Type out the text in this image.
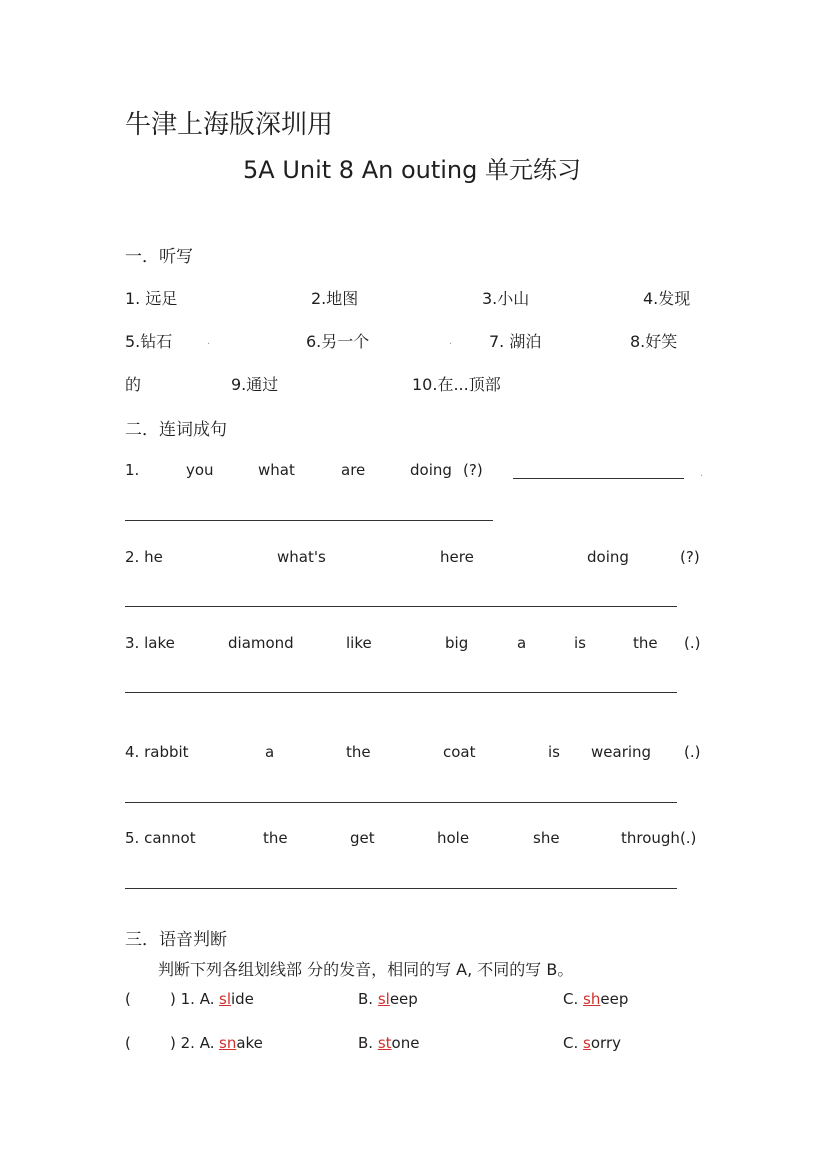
牛津上海版深圳用
5A Unit 8 An outing 单元练习
一．听写
1. 远足	2.地图	3.小山	4.发现
5.钻石	.	6.另一个	. 7. 湖泊	8.好笑
的	9.通过	10.在...顶部
二．连词成句
1.	you	what	are	doing (?)	.
2. he	what's	here	doing	(?)
3. lake	diamond	like	big	a	is	the (.)
4. rabbit	a	the	coat	is wearing (.)
5. cannot	the	get	hole	she	through(.)
三．语音判断
判断下列各组划线部 分的发音，相同的写 A, 不同的写 B。
(	) 1. A. slide	B. sleep	C. sheep
(	) 2. A. snake	B. stone	C. sorry
